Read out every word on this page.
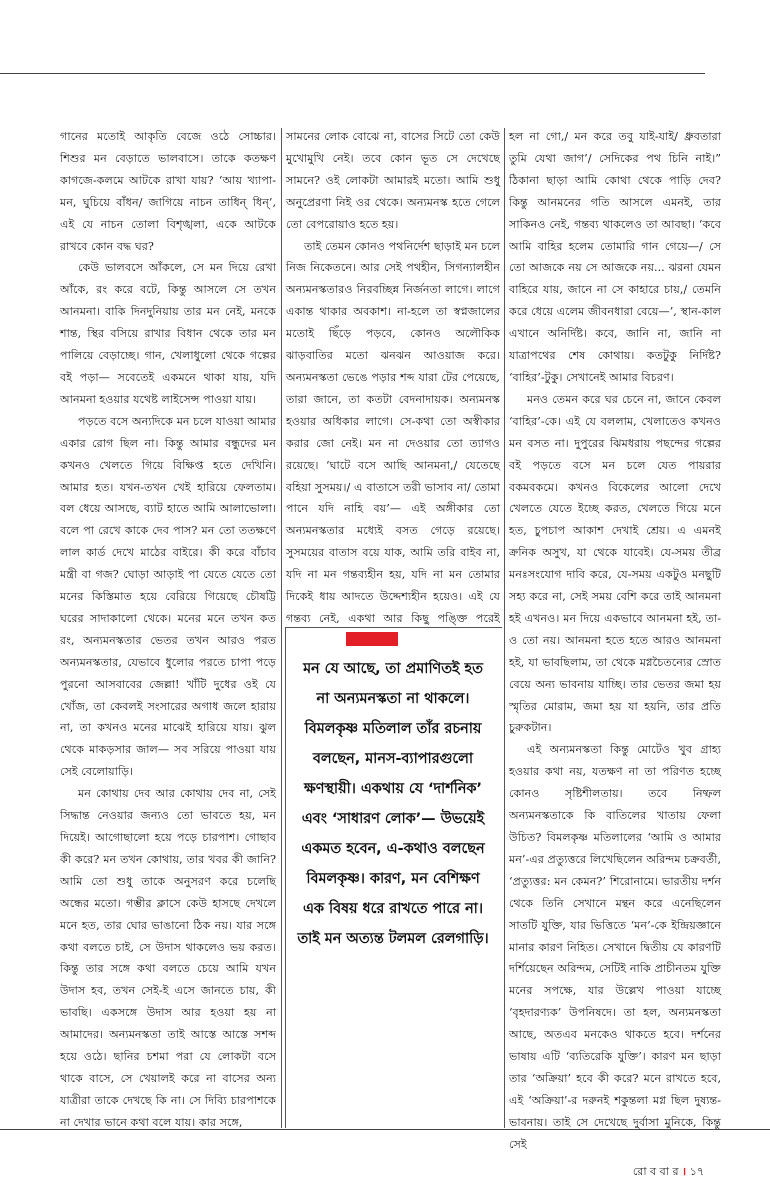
গানের মতোই আকৃতি বেজে ওঠে সোচ্চার। শিশুর মন বেড়াতে ভালবাসে। তাকে কতক্ষণ কাগজে-কলমে আটকে রাখা যায়? ‘আয় খ্যাপা-মন, ঘুচিয়ে বাঁধন/ জাগিয়ে নাচন তাধিন্ ধিন্’, এই যে নাচন তোলা বিশৃঙ্খলা, একে আটকে রাখবে কোন বদ্ধ ঘর?

কেউ ভালবসে আঁকলে, সে মন দিয়ে রেখা আঁকে, রং করে বটে, কিন্তু আসলে সে তখন আনমনা। বাকি দিনদুনিয়ায় তার মন নেই, মনকে শান্ত, স্থির বসিয়ে রাখার বিধান থেকে তার মন পালিয়ে বেড়াচ্ছে। গান, খেলাধুলো থেকে গল্পের বই পড়া— সবেতেই একমনে থাকা যায়, যদি আনমনা হওয়ার যথেষ্ট লাইসেন্স পাওয়া যায়।

পড়তে বসে অন্যদিকে মন চলে যাওয়া আমার একার রোগ ছিল না। কিন্তু আমার বন্ধুদের মন কখনও খেলতে গিয়ে বিক্ষিপ্ত হতে দেখিনি। আমার হত। যখন-তখন খেই হারিয়ে ফেলতাম। বল ধেয়ে আসছে, ব্যাট হাতে আমি আলাভোলা। বলে পা রেখে কাকে দেব পাস? মন তো ততক্ষণে লাল কার্ড দেখে মাঠের বাইরে। কী করে বাঁচাব মন্ত্রী বা গজ? ঘোড়া আড়াই পা যেতে যেতে তো মনের কিস্তিমাত হয়ে বেরিয়ে গিয়েছে চৌষট্টি ঘরের সাদাকালো থেকে। মনের মনে তখন কত রং, অন্যমনস্কতার ভেতর তখন আরও পরত অন্যমনস্কতার, যেভাবে ধুলোর পরতে চাপা পড়ে পুরনো আসবাবের জেল্লা! খাঁটি দুধের ওই যে খোঁজ, তা কেবলই সংসারের অগাধ জলে হারায় না, তা কখনও মনের মাঝেই হারিয়ে যায়। ঝুল থেকে মাকড়সার জাল— সব সরিয়ে পাওয়া যায় সেই বেলোয়াড়ি।

মন কোথায় দেব আর কোথায় দেব না, সেই সিদ্ধান্ত নেওয়ার জন্যও তো ভাবতে হয়, মন দিয়েই। আগোছালো হয়ে পড়ে চারপাশ। গোছাব কী করে? মন তখন কোথায়, তার খবর কী জানি? আমি তো শুধু তাকে অনুসরণ করে চলেছি অন্ধের মতো। গম্ভীর ক্লাসে কেউ হাসছে দেখলে মনে হত, তার ঘোর ভাঙানো ঠিক নয়। যার সঙ্গে কথা বলতে চাই, সে উদাস থাকলেও ভয় করত। কিন্তু তার সঙ্গে কথা বলতে চেয়ে আমি যখন উদাস হব, তখন সেই-ই এসে জানতে চায়, কী ভাবছি। একসঙ্গে উদাস আর হওয়া হয় না আমাদের। অন্যমনস্কতা তাই আস্তে আস্তে সশব্দ হয়ে ওঠে। ছানির চশমা পরা যে লোকটা বসে থাকে বাসে, সে খেয়ালই করে না বাসের অন্য যাত্রীরা তাকে দেখছে কি না। সে দিব্যি চারপাশকে না দেখার ভানে কথা বলে যায়। কার সঙ্গে,

সামনের লোক বোঝে না, বাসের সিটে তো কেউ মুখোমুখি নেই। তবে কোন ভূত সে দেখেছে সামনে? ওই লোকটা আমারই মতো। আমি শুধু অনুপ্রেরণা নিই ওর থেকে। অন্যমনস্ক হতে গেলে তো বেপরোয়াও হতে হয়।

তাই তেমন কোনও পথনির্দেশ ছাড়াই মন চলে নিজ নিকেতনে। আর সেই পথহীন, সিগন্যালহীন অন্যমনস্কতারও নিরবচ্ছিন্ন নির্জনতা লাগে। লাগে একান্ত থাকার অবকাশ। না-হলে তা স্বপ্নজালের মতোই ছিঁড়ে পড়বে, কোনও অলৌকিক ঝাড়বাতির মতো ঝনঝন আওয়াজ করে। অন্যমনস্কতা ভেঙে পড়ার শব্দ যারা টের পেয়েছে, তারা জানে, তা কতটা বেদনাদায়ক। অন্যমনস্ক হওয়ার অধিকার লাগে। সে-কথা তো অস্বীকার করার জো নেই। মন না দেওয়ার তো ত্যাগও রয়েছে। ‘ঘাটে বসে আছি আনমনা,/ যেতেছে বহিয়া সুসময়।/ এ বাতাসে তরী ভাসাব না/ তোমা পানে যদি নাহি বয়’— এই অঙ্গীকার তো অন্যমনস্কতার মধ্যেই বসত গেড়ে রয়েছে। সুসময়ের বাতাস বয়ে যাক, আমি তরি বাইব না, যদি না মন গন্তব্যহীন হয়, যদি না মন তোমার দিকেই ধায় আদতে উদ্দেশ্যহীন হয়েও। এই যে গন্তব্য নেই, একথা আর কিছু পঙ্ক্তি পরেই

হল না গো,/ মন করে তবু যাই-যাই/ ধ্রুবতারা তুমি যেথা জাগ’/ সেদিকের পথ চিনি নাই।” ঠিকানা ছাড়া আমি কোথা থেকে পাড়ি দেব? কিন্তু আনমনের গতি আসলে এমনই, তার সাকিনও নেই, গন্তব্য থাকলেও তা আবছা। ‘কবে আমি বাহির হলেম তোমারি গান গেয়ে—/ সে তো আজকে নয় সে আজকে নয়... ঝরনা যেমন বাহিরে যায়, জানে না সে কাহারে চায়,/ তেমনি করে ধেয়ে এলেম জীবনধারা বেয়ে—’, স্থান-কাল এখানে অনির্দিষ্ট। কবে, জানি না, জানি না যাত্রাপথের শেষ কোথায়। কতটুকু নির্দিষ্ট? ‘বাহির’-টুকু। সেখানেই আমার বিচরণ।

মনও তেমন করে ঘর চেনে না, জানে কেবল ‘বাহির’-কে। এই যে বললাম, খেলাতেও কখনও মন বসত না। দুপুরের ঝিমধরায় পছন্দের গল্পের বই পড়তে বসে মন চলে যেত পায়রার বকমবকমে। কখনও বিকেলের আলো দেখে খেলতে যেতে ইচ্ছে করত, খেলতে গিয়ে মনে হত, চুপচাপ আকাশ দেখাই শ্রেয়। এ এমনই ক্রনিক অসুখ, যা থেকে যাবেই। যে-সময় তীব্র মনঃসংযোগ দাবি করে, যে-সময় একটুও মনছুটি সহ্য করে না, সেই সময় বেশি করে তাই আনমনা হই এখনও। মন দিয়ে একভাবে আনমনা হই, তা-ও তো নয়। আনমনা হতে হতে আরও আনমনা হই, যা ভাবছিলাম, তা থেকে মগ্নচৈতন্যের স্রোত বেয়ে অন্য ভাবনায় যাচ্ছি। তার ভেতর জমা হয় স্মৃতির মোরাম, জমা হয় যা হয়নি, তার প্রতি চুরুকটান।

এই অন্যমনস্কতা কিন্তু মোটেও খুব গ্রাহ্য হওয়ার কথা নয়, যতক্ষণ না তা পরিণত হচ্ছে কোনও সৃষ্টিশীলতায়। তবে নিষ্ফল অন্যমনস্কতাকে কি বাতিলের খাতায় ফেলা উচিত? বিমলকৃষ্ণ মতিলালের ‘আমি ও আমার মন’-এর প্রত্যুত্তরে লিখেছিলেন অরিন্দম চক্রবর্তী, ‘প্রত্যুত্তর: মন কেমন?’ শিরোনামে। ভারতীয় দর্শন থেকে তিনি সেখানে মন্থন করে এনেছিলেন সাতটি যুক্তি, যার ভিত্তিতে ‘মন’-কে ইন্দ্রিয়জ্ঞানে মানার কারণ নিহিত। সেখানে দ্বিতীয় যে কারণটি দর্শিয়েছেন অরিন্দম, সেটিই নাকি প্রাচীনতম যুক্তি মনের সপক্ষে, যার উল্লেখ পাওয়া যাচ্ছে ‘বৃহদারণ্যক’ উপনিষদে। তা হল, অন্যমনস্কতা আছে, অতএব মনকেও থাকতে হবে। দর্শনের ভাষায় এটি ‘ব্যতিরেকি যুক্তি’। কারণ মন ছাড়া তার ‘অক্রিয়া’ হবে কী করে? মনে রাখতে হবে, এই ‘অক্রিয়া’-র দরুনই শকুন্তলা মগ্ন ছিল দুষ্যন্ত-ভাবনায়। তাই সে দেখেছে দুর্বাসা মুনিকে, কিন্তু সেই

মন যে আছে, তা প্রমাণিতই হত না অন্যমনস্কতা না থাকলে। বিমলকৃষ্ণ মতিলাল তাঁর রচনায় বলছেন, মানস-ব্যাপারগুলো ক্ষণস্থায়ী। একথায় যে ‘দার্শনিক’ এবং ‘সাধারণ লোক’— উভয়েই একমত হবেন, এ-কথাও বলছেন বিমলকৃষ্ণ। কারণ, মন বেশিক্ষণ এক বিষয় ধরে রাখতে পারে না। তাই মন অত্যন্ত টলমল রেলগাড়ি।
রো ব বা র । ১৭
